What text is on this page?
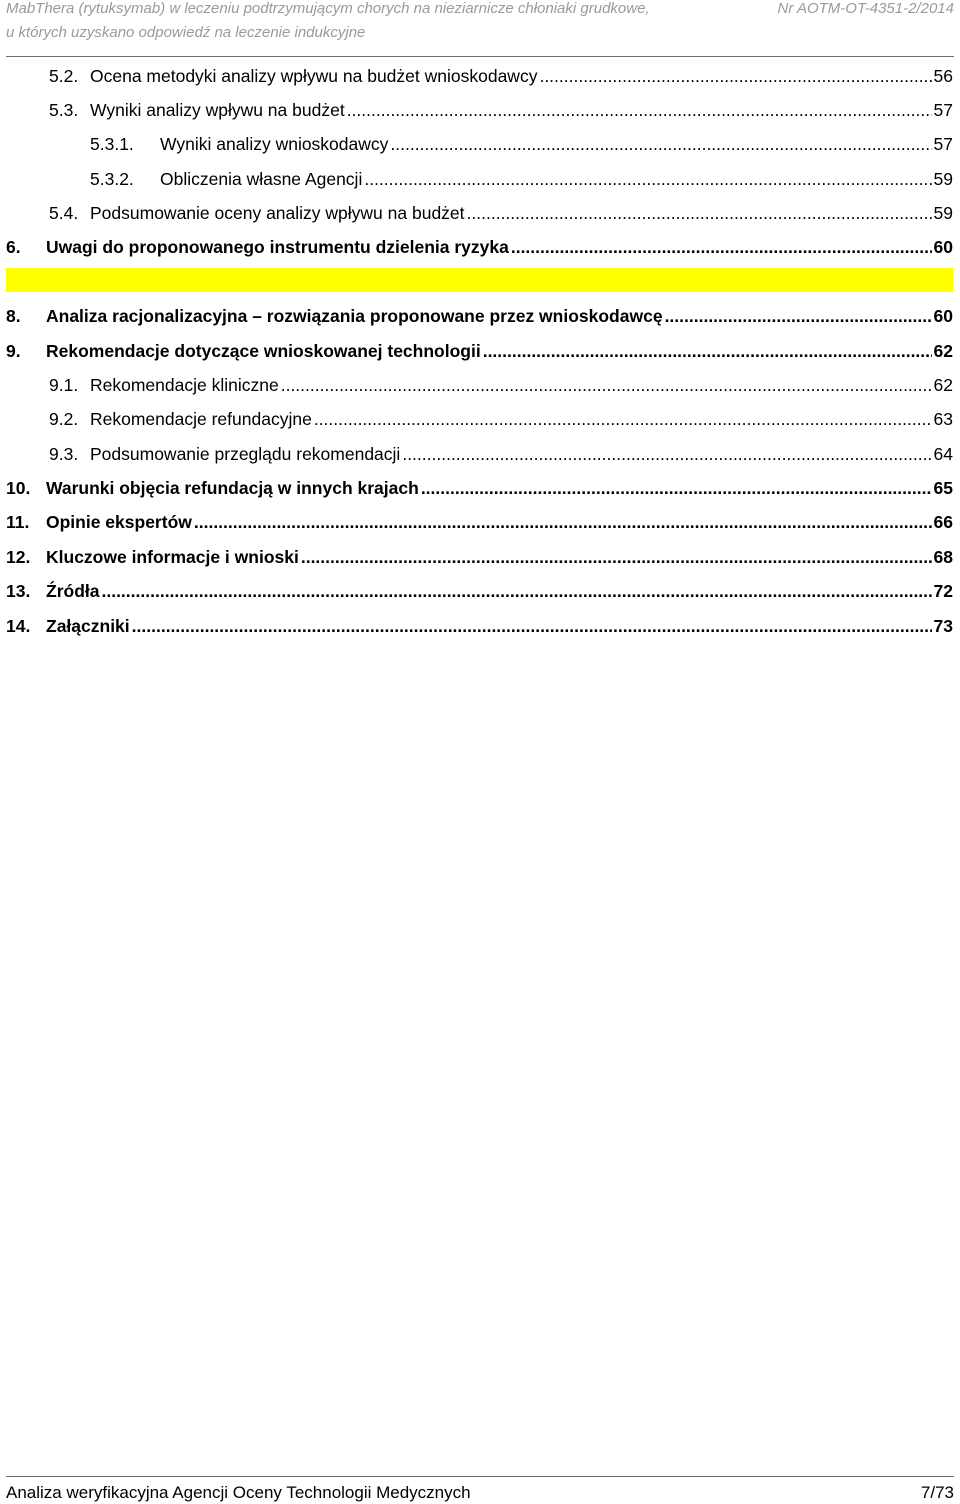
MabThera (rytuksymab) w leczeniu podtrzymującym chorych na nieziarnicze chłoniaki grudkowe,	Nr AOTM-OT-4351-2/2014
u których uzyskano odpowiedź na leczenie indukcyjne
5.2. Ocena metodyki analizy wpływu na budżet wnioskodawcy .....	56
5.3. Wyniki analizy wpływu na budżet .....	57
5.3.1.	Wyniki analizy wnioskodawcy .....	57
5.3.2.	Obliczenia własne Agencji .....	59
5.4. Podsumowanie oceny analizy wpływu na budżet .....	59
6.	Uwagi do proponowanego instrumentu dzielenia ryzyka .....	60
8.	Analiza racjonalizacyjna – rozwiązania proponowane przez wnioskodawcę .....	60
9.	Rekomendacje dotyczące wnioskowanej technologii .....	62
9.1. Rekomendacje kliniczne .....	62
9.2. Rekomendacje refundacyjne .....	63
9.3. Podsumowanie przeglądu rekomendacji .....	64
10. Warunki objęcia refundacją w innych krajach .....	65
11. Opinie ekspertów .....	66
12. Kluczowe informacje i wnioski .....	68
13. Źródła .....	72
14. Załączniki .....	73
Analiza weryfikacyjna Agencji Oceny Technologii Medycznych	7/73
